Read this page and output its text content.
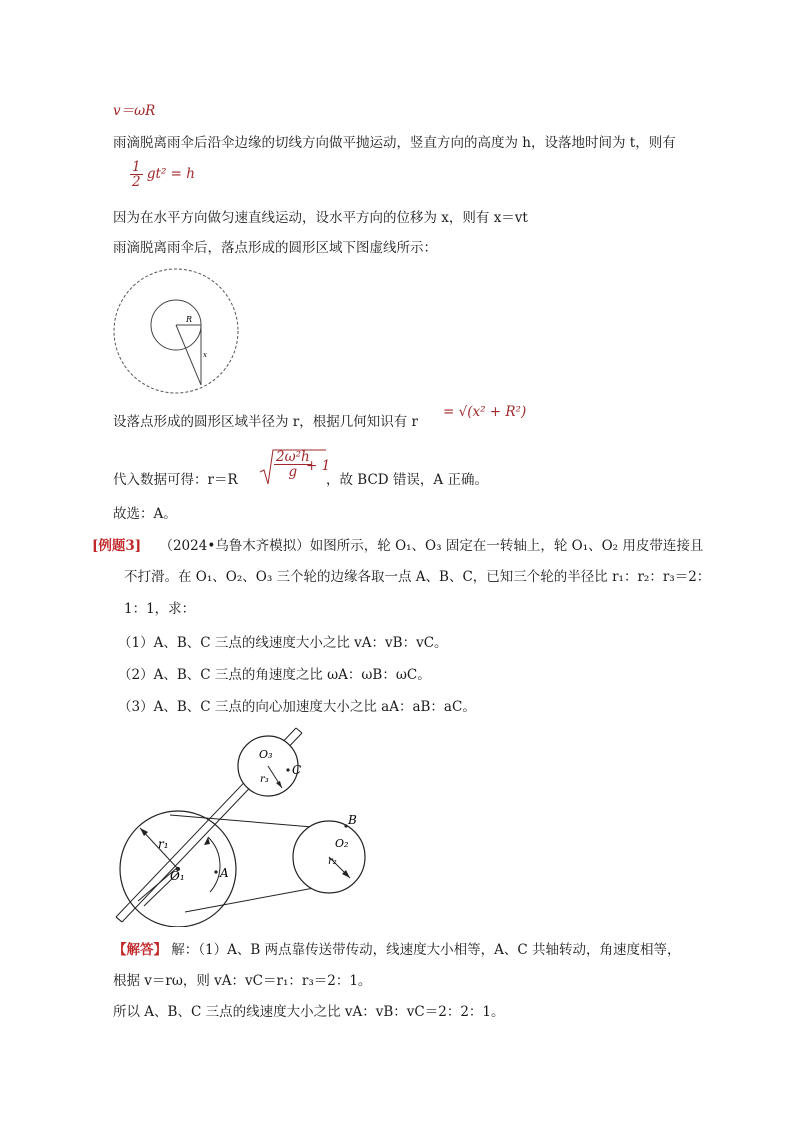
v＝ωR
雨滴脱离雨伞后沿伞边缘的切线方向做平抛运动，竖直方向的高度为 h，设落地时间为 t，则有
$\frac{1}{2} gt^2 = h$
因为在水平方向做匀速直线运动，设水平方向的位移为 x，则有 x＝vt
雨滴脱离雨伞后，落点形成的圆形区域下图虚线所示：
R
x
设落点形成的圆形区域半径为 r，根据几何知识有 r
= √(x² + R²)
代入数据可得：r＝R
$\frac{\text{2ω²h}}{g}$
+ 1
，故 BCD 错误，A 正确。
故选：A。
[例题3] （2024•乌鲁木齐模拟）如图所示，轮 O₁、O₃ 固定在一转轴上，轮 O₁、O₂ 用皮带连接且
不打滑。在 O₁、O₂、O₃ 三个轮的边缘各取一点 A、B、C，已知三个轮的半径比 r₁：r₂：r₃＝2：
1：1，求：
（1）A、B、C 三点的线速度大小之比 vA：vB：vC。
（2）A、B、C 三点的角速度之比 ωA：ωB：ωC。
（3）A、B、C 三点的向心加速度大小之比 aA：aB：aC。
O₃
r₃
C
r₁
O₁	A
B
O₂
r₂
【解答】 解：（1）A、B 两点靠传送带传动，线速度大小相等，A、C 共轴转动，角速度相等，
根据 v＝rω，则 vA：vC＝r₁：r₃＝2：1。
所以 A、B、C 三点的线速度大小之比 vA：vB：vC＝2：2：1。
